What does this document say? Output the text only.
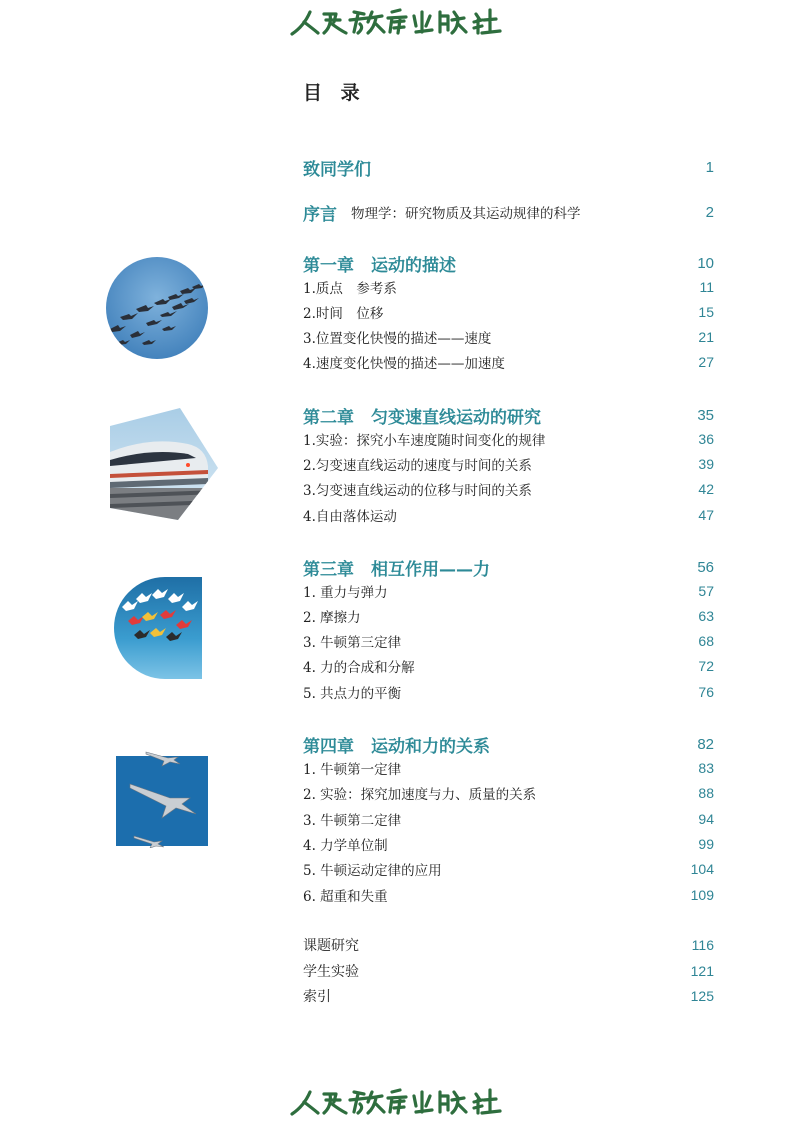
目 录
致同学们	1
序言 物理学：研究物质及其运动规律的科学	2
第一章　运动的描述	10
1.质点　参考系	11
2.时间　位移	15
3.位置变化快慢的描述——速度	21
4.速度变化快慢的描述——加速度	27
第二章　匀变速直线运动的研究	35
1.实验：探究小车速度随时间变化的规律	36
2.匀变速直线运动的速度与时间的关系	39
3.匀变速直线运动的位移与时间的关系	42
4.自由落体运动	47
第三章　相互作用——力	56
1. 重力与弹力	57
2. 摩擦力	63
3. 牛顿第三定律	68
4. 力的合成和分解	72
5. 共点力的平衡	76
第四章　运动和力的关系	82
1. 牛顿第一定律	83
2. 实验：探究加速度与力、质量的关系	88
3. 牛顿第二定律	94
4. 力学单位制	99
5. 牛顿运动定律的应用	104
6. 超重和失重	109
课题研究	116
学生实验	121
索引	125
